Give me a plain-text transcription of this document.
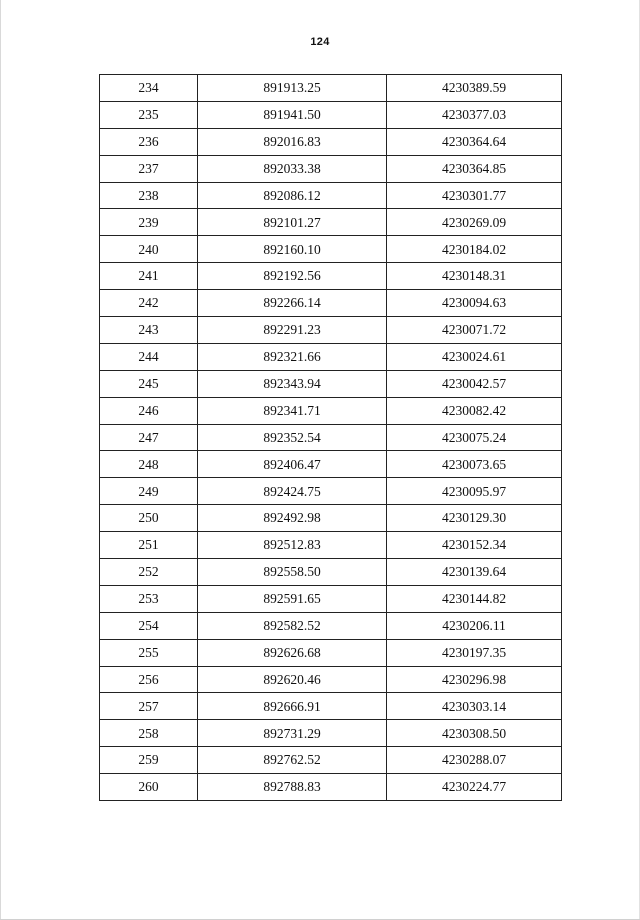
124
234	891913.25	4230389.59
235	891941.50	4230377.03
236	892016.83	4230364.64
237	892033.38	4230364.85
238	892086.12	4230301.77
239	892101.27	4230269.09
240	892160.10	4230184.02
241	892192.56	4230148.31
242	892266.14	4230094.63
243	892291.23	4230071.72
244	892321.66	4230024.61
245	892343.94	4230042.57
246	892341.71	4230082.42
247	892352.54	4230075.24
248	892406.47	4230073.65
249	892424.75	4230095.97
250	892492.98	4230129.30
251	892512.83	4230152.34
252	892558.50	4230139.64
253	892591.65	4230144.82
254	892582.52	4230206.11
255	892626.68	4230197.35
256	892620.46	4230296.98
257	892666.91	4230303.14
258	892731.29	4230308.50
259	892762.52	4230288.07
260	892788.83	4230224.77
